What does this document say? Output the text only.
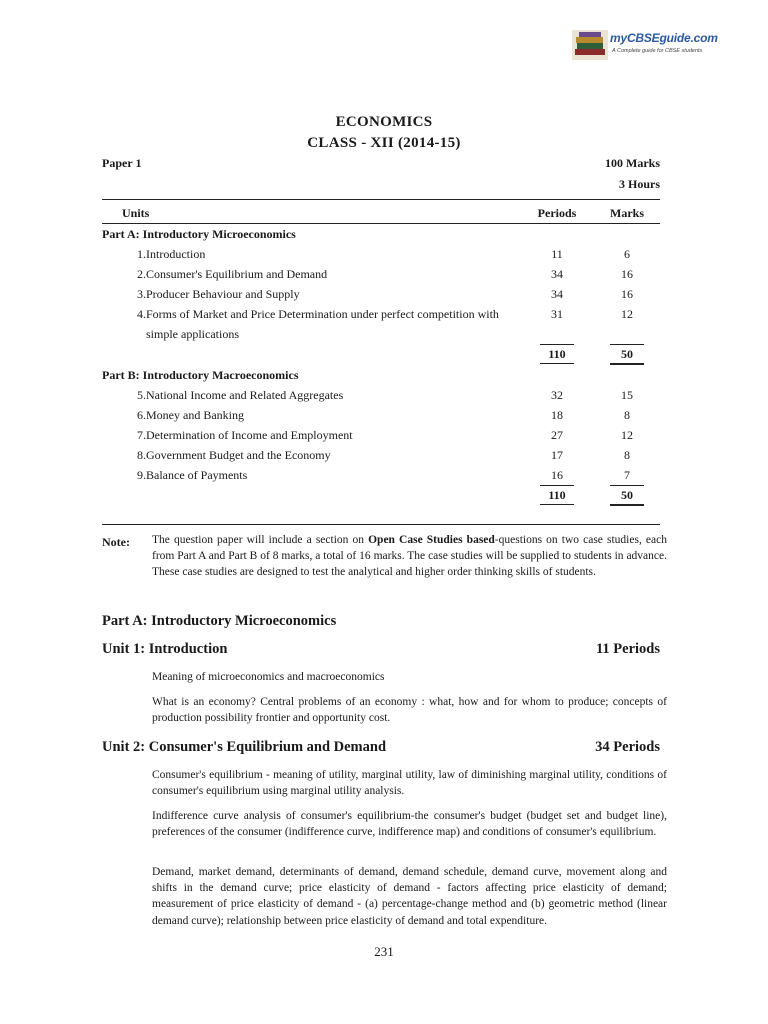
myCBSEguide.com
A Complete guide for CBSE students
ECONOMICS
CLASS - XII (2014-15)
Paper 1	100 Marks
3 Hours
Units		Periods	Marks
Part A: Introductory Microeconomics			
1.	Introduction	11	6
2.	Consumer's Equilibrium and Demand	34	16
3.	Producer Behaviour and Supply	34	16
4.	Forms of Market and Price Determination under perfect competition with	31	12
	simple applications		
		110	50
Part B: Introductory Macroeconomics			
5.	National Income and Related Aggregates	32	15
6.	Money and Banking	18	8
7.	Determination of Income and Employment	27	12
8.	Government Budget and the Economy	17	8
9.	Balance of Payments	16	7
		110	50
Note: The question paper will include a section on Open Case Studies based-questions on two case studies, each from Part A and Part B of 8 marks, a total of 16 marks. The case studies will be supplied to students in advance. These case studies are designed to test the analytical and higher order thinking skills of students.
Part A: Introductory Microeconomics
Unit 1: Introduction	11 Periods
Meaning of microeconomics and macroeconomics
What is an economy? Central problems of an economy : what, how and for whom to produce; concepts of production possibility frontier and opportunity cost.
Unit 2: Consumer's Equilibrium and Demand	34 Periods
Consumer's equilibrium - meaning of utility, marginal utility, law of diminishing marginal utility, conditions of consumer's equilibrium using marginal utility analysis.
Indifference curve analysis of consumer's equilibrium-the consumer's budget (budget set and budget line), preferences of the consumer (indifference curve, indifference map) and conditions of consumer's equilibrium.
Demand, market demand, determinants of demand, demand schedule, demand curve, movement along and shifts in the demand curve; price elasticity of demand - factors affecting price elasticity of demand; measurement of price elasticity of demand - (a) percentage-change method and (b) geometric method (linear demand curve); relationship between price elasticity of demand and total expenditure.
231
